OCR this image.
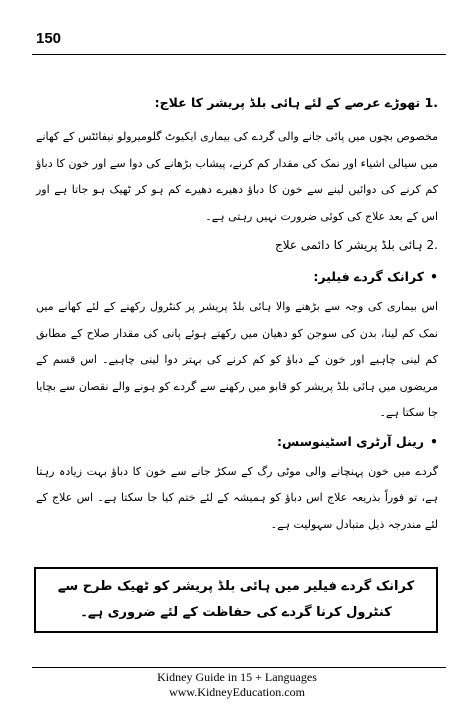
150
1. تھوڑے عرصے کے لئے ہائی بلڈ پریشر کا علاج:

مخصوص بچوں میں پائی جانے والی گردے کی بیماری ایکیوٹ گلومیرولو نیفائٹس کے کھانے میں سیالی اشیاء اور نمک کی مقدار کم کرنے، پیشاب بڑھانے کی دوا سے اور خون کا دباؤ کم کرنے کی دوائیں لینے سے خون کا دباؤ دھیرے دھیرے کم ہو کر ٹھیک ہو جاتا ہے اور اس کے بعد علاج کی کوئی ضرورت نہیں رہتی ہے۔

2. ہائی بلڈ پریشر کا دائمی علاج
•کرانک گردے فیلیر:

اس بیماری کی وجہ سے بڑھنے والا ہائی بلڈ پریشر پر کنٹرول رکھنے کے لئے کھانے میں نمک کم لینا، بدن کی سوجن کو دھیان میں رکھتے ہوئے پانی کی مقدار صلاح کے مطابق کم لینی چاہیے اور خون کے دباؤ کو کم کرنے کی بہتر دوا لینی چاہیے۔ اس قسم کے مریضوں میں ہائی بلڈ پریشر کو قابو میں رکھنے سے گردے کو ہونے والے نقصان سے بچایا جا سکتا ہے۔

•رینل آرٹری اسٹینوسس:

گردے میں خون پہنچانے والی موٹی رگ کے سکڑ جانے سے خون کا دباؤ بہت زیادہ رہتا ہے، تو فوراً بذریعہ علاج اس دباؤ کو ہمیشہ کے لئے ختم کیا جا سکتا ہے۔ اس علاج کے لئے مندرجہ ذیل متبادل سہولیت ہے۔

کرانک گردے فیلیر میں ہائی بلڈ پریشر کو ٹھیک طرح سے کنٹرول کرنا گردے کی حفاظت کے لئے ضروری ہے۔
Kidney Guide in 15 + Languages
www.KidneyEducation.com
